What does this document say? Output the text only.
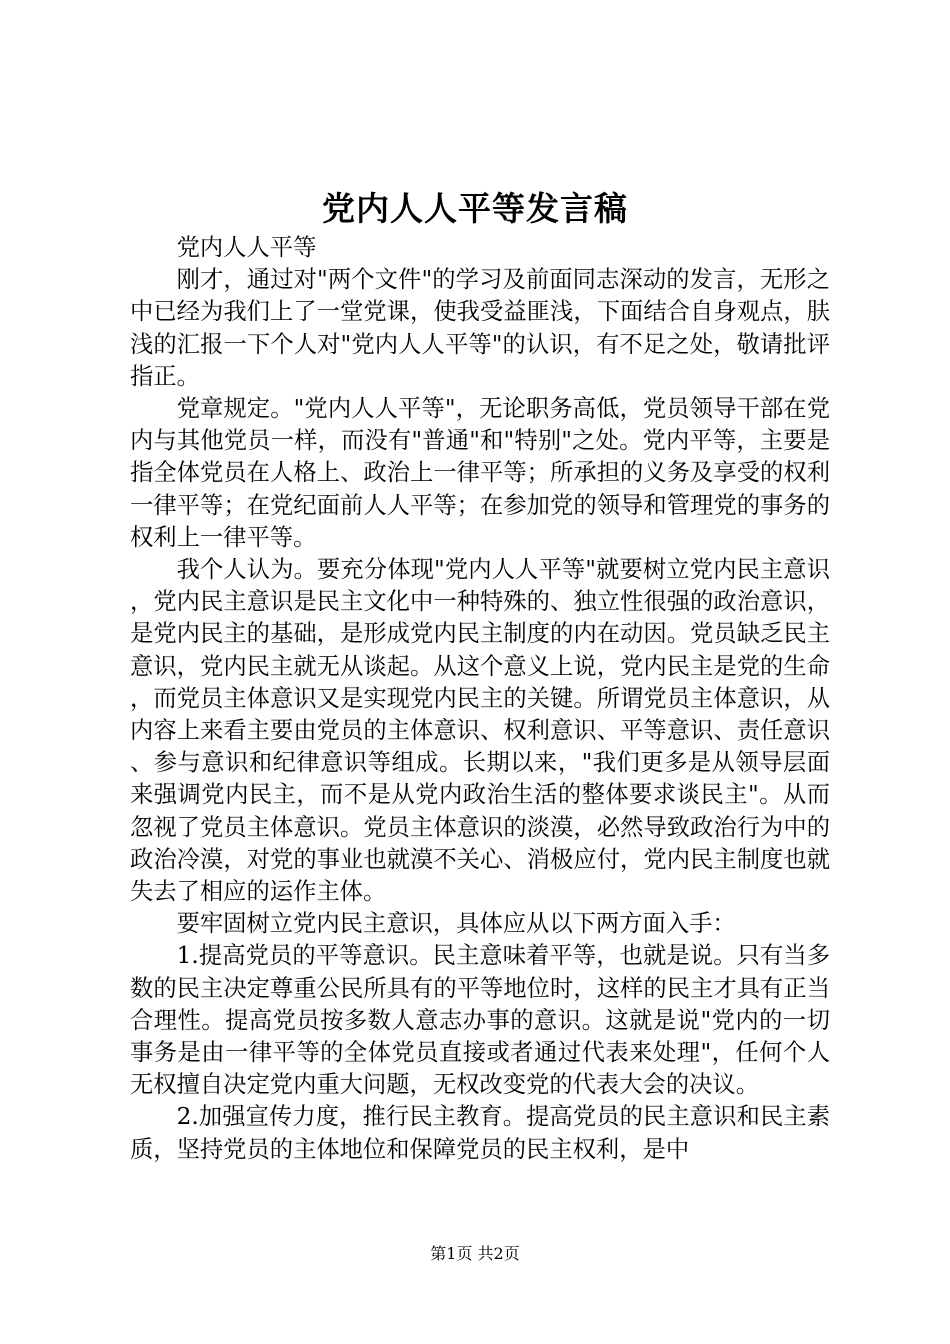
党内人人平等发言稿

党内人人平等

刚才，通过对"两个文件"的学习及前面同志深动的发言，无形之中已经为我们上了一堂党课，使我受益匪浅，下面结合自身观点，肤浅的汇报一下个人对"党内人人平等"的认识，有不足之处，敬请批评指正。

党章规定。"党内人人平等"，无论职务高低，党员领导干部在党内与其他党员一样，而没有"普通"和"特别"之处。党内平等，主要是指全体党员在人格上、政治上一律平等；所承担的义务及享受的权利一律平等；在党纪面前人人平等；在参加党的领导和管理党的事务的权利上一律平等。

我个人认为。要充分体现"党内人人平等"就要树立党内民主意识，党内民主意识是民主文化中一种特殊的、独立性很强的政治意识，是党内民主的基础，是形成党内民主制度的内在动因。党员缺乏民主意识，党内民主就无从谈起。从这个意义上说，党内民主是党的生命，而党员主体意识又是实现党内民主的关键。所谓党员主体意识，从内容上来看主要由党员的主体意识、权利意识、平等意识、责任意识、参与意识和纪律意识等组成。长期以来，"我们更多是从领导层面来强调党内民主，而不是从党内政治生活的整体要求谈民主"。从而忽视了党员主体意识。党员主体意识的淡漠，必然导致政治行为中的政治冷漠，对党的事业也就漠不关心、消极应付，党内民主制度也就失去了相应的运作主体。

要牢固树立党内民主意识，具体应从以下两方面入手：

1.提高党员的平等意识。民主意味着平等，也就是说。只有当多数的民主决定尊重公民所具有的平等地位时，这样的民主才具有正当合理性。提高党员按多数人意志办事的意识。这就是说"党内的一切事务是由一律平等的全体党员直接或者通过代表来处理"，任何个人无权擅自决定党内重大问题，无权改变党的代表大会的决议。

2.加强宣传力度，推行民主教育。提高党员的民主意识和民主素质，坚持党员的主体地位和保障党员的民主权利，是中

第1页 共2页
